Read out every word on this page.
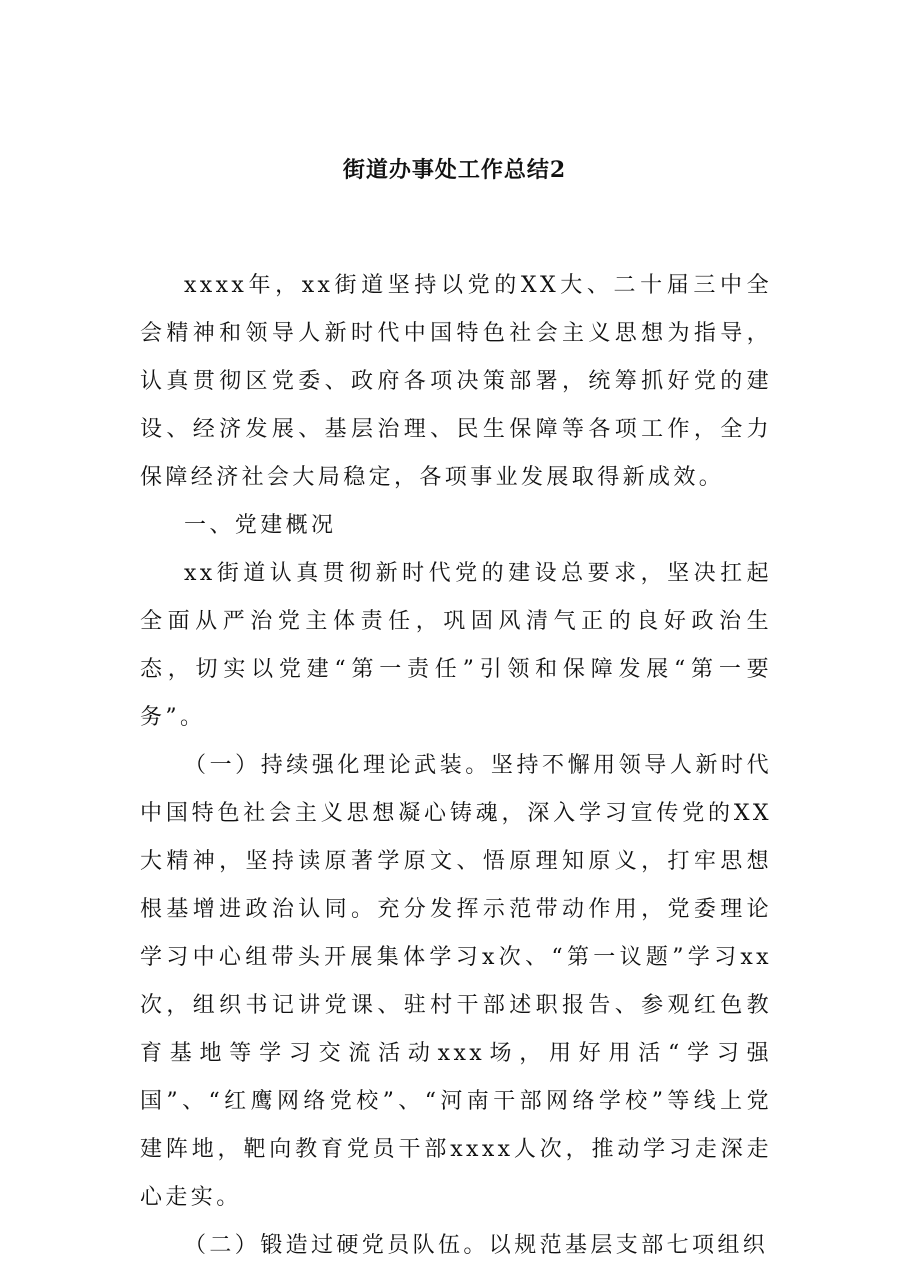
街道办事处工作总结2

xxxx年，xx街道坚持以党的XX大、二十届三中全会精神和领导人新时代中国特色社会主义思想为指导，认真贯彻区党委、政府各项决策部署，统筹抓好党的建设、经济发展、基层治理、民生保障等各项工作，全力保障经济社会大局稳定，各项事业发展取得新成效。

一、党建概况

xx街道认真贯彻新时代党的建设总要求，坚决扛起全面从严治党主体责任，巩固风清气正的良好政治生态，切实以党建“第一责任”引领和保障发展“第一要务”。

（一）持续强化理论武装。坚持不懈用领导人新时代中国特色社会主义思想凝心铸魂，深入学习宣传党的XX大精神，坚持读原著学原文、悟原理知原义，打牢思想根基增进政治认同。充分发挥示范带动作用，党委理论学习中心组带头开展集体学习x次、“第一议题”学习xx次，组织书记讲党课、驻村干部述职报告、参观红色教育基地等学习交流活动xxx场，用好用活“学习强国”、“红鹰网络党校”、“河南干部网络学校”等线上党建阵地，靶向教育党员干部xxxx人次，推动学习走深走心走实。

（二）锻造过硬党员队伍。以规范基层支部七项组织
